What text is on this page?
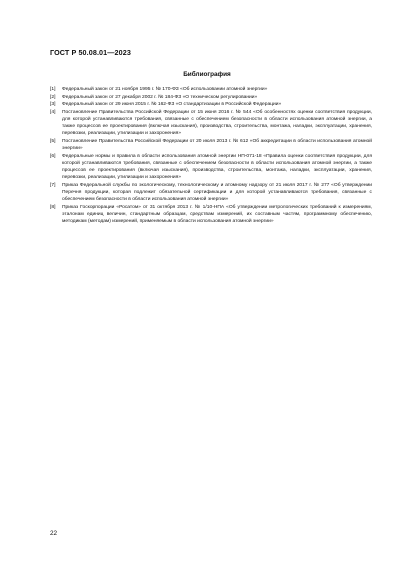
ГОСТ Р 50.08.01—2023
Библиография
[1] Федеральный закон от 21 ноября 1995 г. № 170-ФЗ «Об использовании атомной энергии»
[2] Федеральный закон от 27 декабря 2002 г. № 184-ФЗ «О техническом регулировании»
[3] Федеральный закон от 29 июня 2015 г. № 162-ФЗ «О стандартизации в Российской Федерации»
[4] Постановление Правительства Российской Федерации от 15 июня 2016 г. № 544 «Об особенностях оценки соответствия продукции, для которой устанавливаются требования, связанные с обеспечением безопасности в области использования атомной энергии, а также процессов ее проектирования (включая изыскания), производства, строительства, монтажа, наладки, эксплуатации, хранения, перевозки, реализации, утилизации и захоронения»
[5] Постановление Правительства Российской Федерации от 20 июля 2013 г. № 612 «Об аккредитации в области использования атомной энергии»
[6] Федеральные нормы и правила в области использования атомной энергии НП-071-18 «Правила оценки соответствия продукции, для которой устанавливаются требования, связанные с обеспечением безопасности в области использования атомной энергии, а также процессов ее проектирования (включая изыскания), производства, строительства, монтажа, наладки, эксплуатации, хранения, перевозки, реализации, утилизации и захоронения»
[7] Приказ Федеральной службы по экологическому, технологическому и атомному надзору от 21 июля 2017 г. № 277 «Об утверждении Перечня продукции, которая подлежит обязательной сертификации и для которой устанавливаются требования, связанные с обеспечением безопасности в области использования атомной энергии»
[8] Приказ Госкорпорации «Росатом» от 31 октября 2013 г. № 1/10-НПА «Об утверждении метрологических требований к измерениям, эталонам единиц величин, стандартным образцам, средствам измерений, их составным частям, программному обеспечению, методикам (методам) измерений, применяемым в области использования атомной энергии»
22
